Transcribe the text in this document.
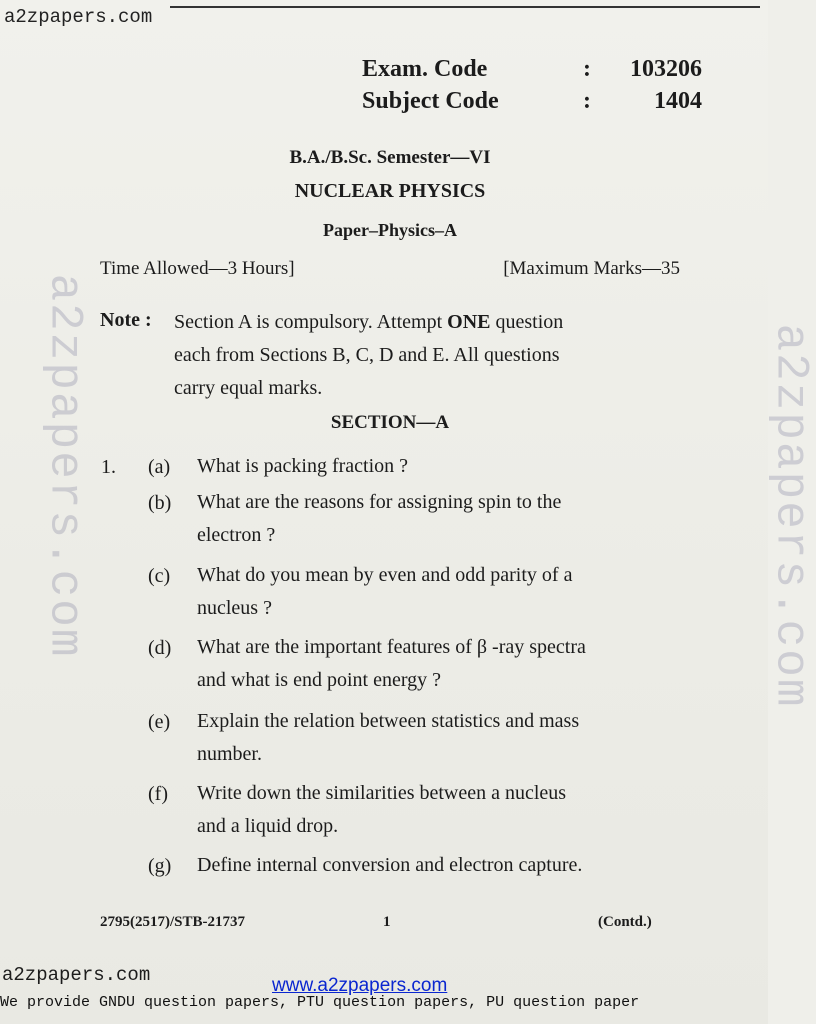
a2zpapers.com
a2zpapers.com	a2zpapers.com
Exam. Code	:	103206
Subject Code	:	1404
B.A./B.Sc. Semester—VI
NUCLEAR PHYSICS
Paper–Physics–A
Time Allowed—3 Hours]	[Maximum Marks—35
Note : Section A is compulsory. Attempt ONE question
each from Sections B, C, D and E. All questions
carry equal marks.
SECTION—A
1. (a) What is packing fraction ?
(b) What are the reasons for assigning spin to the
electron ?
(c) What do you mean by even and odd parity of a
nucleus ?
(d) What are the important features of β -ray spectra
and what is end point energy ?
(e) Explain the relation between statistics and mass
number.
(f) Write down the similarities between a nucleus
and a liquid drop.
(g) Define internal conversion and electron capture.
2795(2517)/STB-21737	1	(Contd.)
a2zpapers.com	www.a2zpapers.com
We provide GNDU question papers, PTU question papers, PU question paper
